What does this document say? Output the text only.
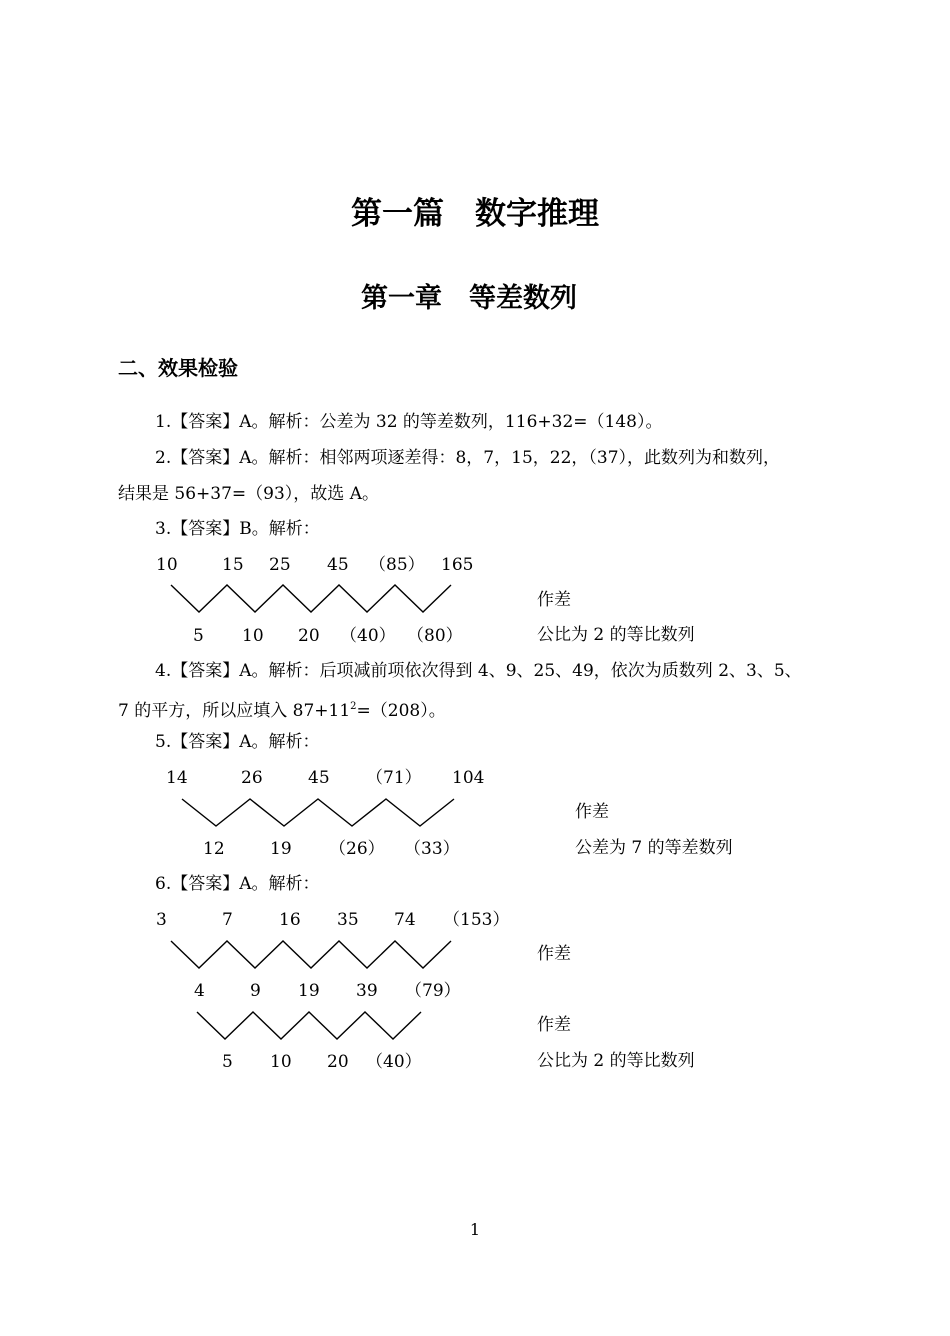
第一篇　数字推理
第一章　等差数列
二、效果检验
1.【答案】A。解析：公差为 32 的等差数列，116+32=（148）。
2.【答案】A。解析：相邻两项逐差得：8，7，15，22，（37），此数列为和数列，
结果是 56+37=（93），故选 A。
3.【答案】B。解析：
10	15 25 45 （85） 165
5 10 20 （40） （80）
作差
公比为 2 的等比数列
4.【答案】A。解析：后项减前项依次得到 4、9、25、49，依次为质数列 2、3、5、
7 的平方，所以应填入 $87+11^2=(208)$。
5.【答案】A。解析：
14	26	45 （71） 104
12	19 （26） （33）
作差
公差为 7 的等差数列
6.【答案】A。解析：
3	7	16 35 74 （153）
4	9 19 39 （79）
5 10 20 （40）
作差
作差
公比为 2 的等比数列
1
